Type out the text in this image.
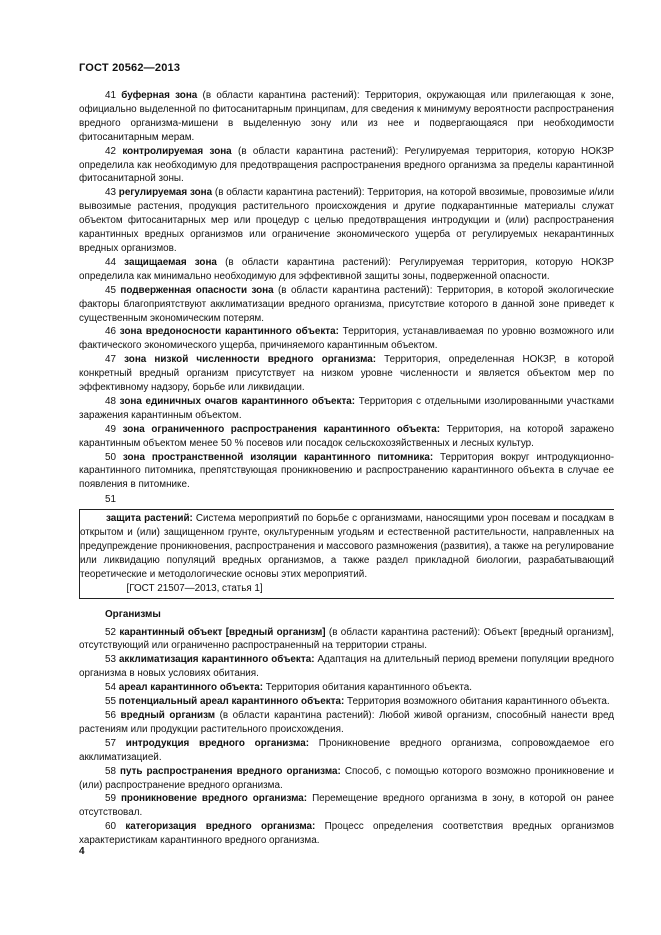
ГОСТ 20562—2013

41 буферная зона (в области карантина растений): Территория, окружающая или прилегающая к зоне, официально выделенной по фитосанитарным принципам, для сведения к минимуму вероятности распространения вредного организма-мишени в выделенную зону или из нее и подвергающаяся при необходимости фитосанитарным мерам.

42 контролируемая зона (в области карантина растений): Регулируемая территория, которую НОКЗР определила как необходимую для предотвращения распространения вредного организма за пределы карантинной фитосанитарной зоны.

43 регулируемая зона (в области карантина растений): Территория, на которой ввозимые, провозимые и/или вывозимые растения, продукция растительного происхождения и другие подкарантинные материалы служат объектом фитосанитарных мер или процедур с целью предотвращения интродукции и (или) распространения карантинных вредных организмов или ограничение экономического ущерба от регулируемых некарантинных вредных организмов.

44 защищаемая зона (в области карантина растений): Регулируемая территория, которую НОКЗР определила как минимально необходимую для эффективной защиты зоны, подверженной опасности.

45 подверженная опасности зона (в области карантина растений): Территория, в которой экологические факторы благоприятствуют акклиматизации вредного организма, присутствие которого в данной зоне приведет к существенным экономическим потерям.

46 зона вредоносности карантинного объекта: Территория, устанавливаемая по уровню возможного или фактического экономического ущерба, причиняемого карантинным объектом.

47 зона низкой численности вредного организма: Территория, определенная НОКЗР, в которой конкретный вредный организм присутствует на низком уровне численности и является объектом мер по эффективному надзору, борьбе или ликвидации.

48 зона единичных очагов карантинного объекта: Территория с отдельными изолированными участками заражения карантинным объектом.

49 зона ограниченного распространения карантинного объекта: Территория, на которой заражено карантинным объектом менее 50 % посевов или посадок сельскохозяйственных и лесных культур.

50 зона пространственной изоляции карантинного питомника: Территория вокруг интродукционно-карантинного питомника, препятствующая проникновению и распространению карантинного объекта в случае ее появления в питомнике.

51

защита растений: Система мероприятий по борьбе с организмами, наносящими урон посевам и посадкам в открытом и (или) защищенном грунте, окультуренным угодьям и естественной растительности, направленных на предупреждение проникновения, распространения и массового размножения (развития), а также на регулирование или ликвидацию популяций вредных организмов, а также раздел прикладной биологии, разрабатывающий теоретические и методологические основы этих мероприятий.

[ГОСТ 21507—2013, статья 1]

Организмы

52 карантинный объект [вредный организм] (в области карантина растений): Объект [вредный организм], отсутствующий или ограниченно распространенный на территории страны.

53 акклиматизация карантинного объекта: Адаптация на длительный период времени популяции вредного организма в новых условиях обитания.

54 ареал карантинного объекта: Территория обитания карантинного объекта.

55 потенциальный ареал карантинного объекта: Территория возможного обитания карантинного объекта.

56 вредный организм (в области карантина растений): Любой живой организм, способный нанести вред растениям или продукции растительного происхождения.

57 интродукция вредного организма: Проникновение вредного организма, сопровождаемое его акклиматизацией.

58 путь распространения вредного организма: Способ, с помощью которого возможно проникновение и (или) распространение вредного организма.

59 проникновение вредного организма: Перемещение вредного организма в зону, в которой он ранее отсутствовал.

60 категоризация вредного организма: Процесс определения соответствия вредных организмов характеристикам карантинного вредного организма.

4
